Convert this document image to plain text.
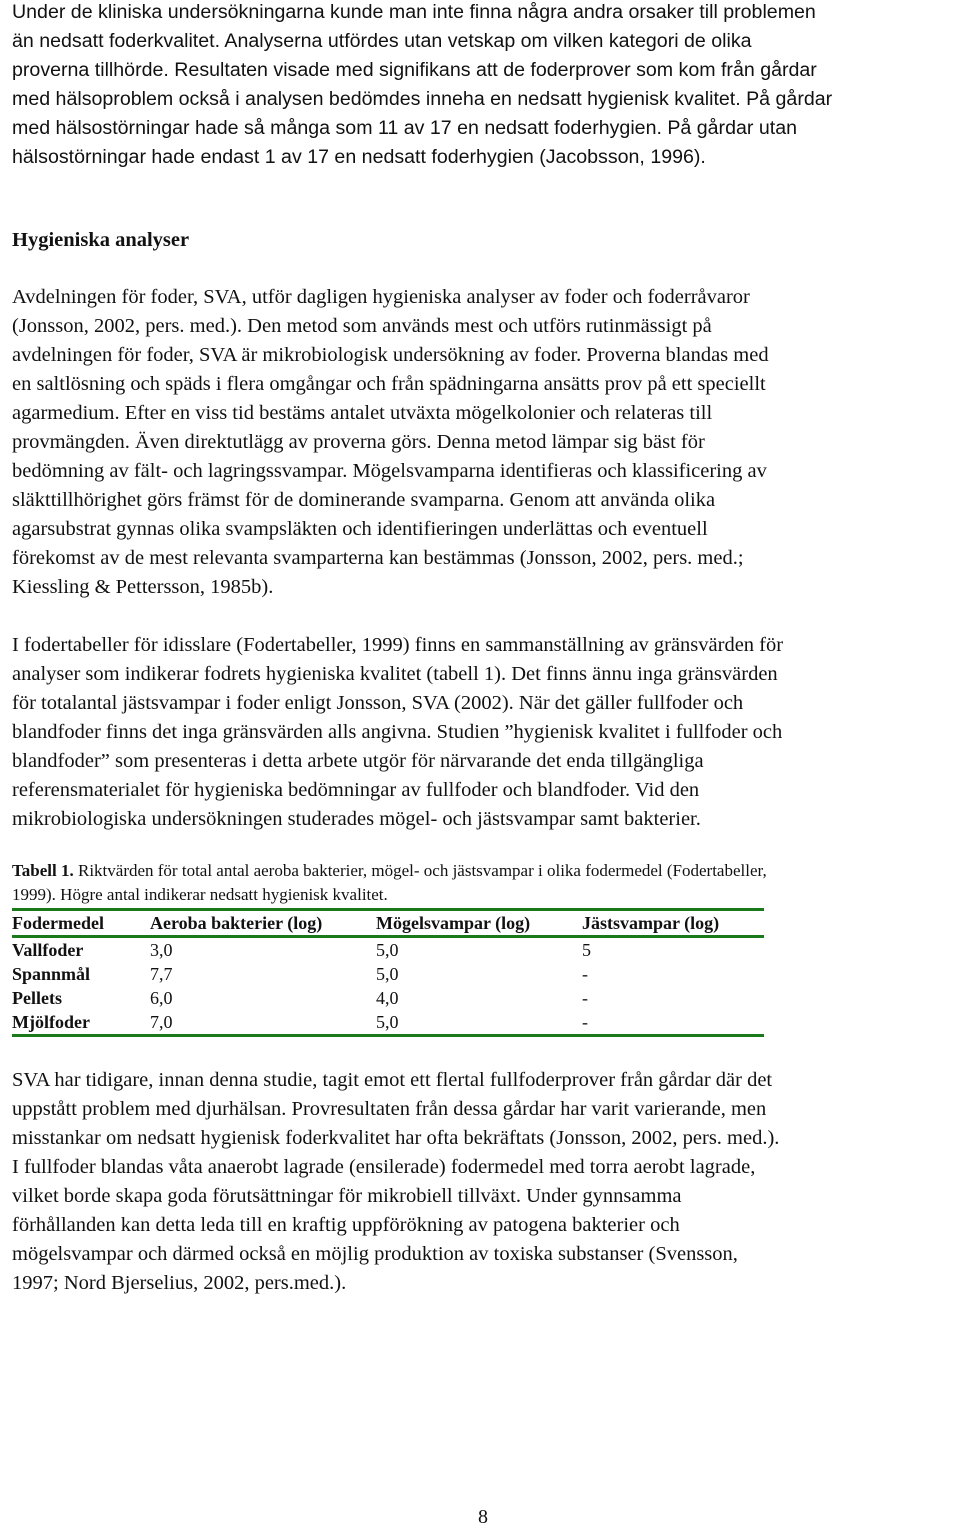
Under de kliniska undersökningarna kunde man inte finna några andra orsaker till problemen
än nedsatt foderkvalitet. Analyserna utfördes utan vetskap om vilken kategori de olika
proverna tillhörde. Resultaten visade med signifikans att de foderprover som kom från gårdar
med hälsoproblem också i analysen bedömdes inneha en nedsatt hygienisk kvalitet. På gårdar
med hälsostörningar hade så många som 11 av 17 en nedsatt foderhygien. På gårdar utan
hälsostörningar hade endast 1 av 17 en nedsatt foderhygien (Jacobsson, 1996).
Hygieniska analyser
Avdelningen för foder, SVA, utför dagligen hygieniska analyser av foder och foderråvaror
(Jonsson, 2002, pers. med.). Den metod som används mest och utförs rutinmässigt på
avdelningen för foder, SVA är mikrobiologisk undersökning av foder. Proverna blandas med
en saltlösning och späds i flera omgångar och från spädningarna ansätts prov på ett speciellt
agarmedium. Efter en viss tid bestäms antalet utväxta mögelkolonier och relateras till
provmängden. Även direktutlägg av proverna görs. Denna metod lämpar sig bäst för
bedömning av fält- och lagringssvampar. Mögelsvamparna identifieras och klassificering av
släkttillhörighet görs främst för de dominerande svamparna. Genom att använda olika
agarsubstrat gynnas olika svampsläkten och identifieringen underlättas och eventuell
förekomst av de mest relevanta svamparterna kan bestämmas (Jonsson, 2002, pers. med.;
Kiessling & Pettersson, 1985b).
I fodertabeller för idisslare (Fodertabeller, 1999) finns en sammanställning av gränsvärden för
analyser som indikerar fodrets hygieniska kvalitet (tabell 1). Det finns ännu inga gränsvärden
för totalantal jästsvampar i foder enligt Jonsson, SVA (2002). När det gäller fullfoder och
blandfoder finns det inga gränsvärden alls angivna. Studien ”hygienisk kvalitet i fullfoder och
blandfoder” som presenteras i detta arbete utgör för närvarande det enda tillgängliga
referensmaterialet för hygieniska bedömningar av fullfoder och blandfoder. Vid den
mikrobiologiska undersökningen studerades mögel- och jästsvampar samt bakterier.

Tabell 1. Riktvärden för total antal aeroba bakterier, mögel- och jästsvampar i olika fodermedel (Fodertabeller,
1999). Högre antal indikerar nedsatt hygienisk kvalitet.

Fodermedel	Aeroba bakterier (log)	Mögelsvampar (log)	Jästsvampar (log)
Vallfoder	3,0	5,0	5
Spannmål	7,7	5,0	-
Pellets	6,0	4,0	-
Mjölfoder	7,0	5,0	-
SVA har tidigare, innan denna studie, tagit emot ett flertal fullfoderprover från gårdar där det
uppstått problem med djurhälsan. Provresultaten från dessa gårdar har varit varierande, men
misstankar om nedsatt hygienisk foderkvalitet har ofta bekräftats (Jonsson, 2002, pers. med.).
I fullfoder blandas våta anaerobt lagrade (ensilerade) fodermedel med torra aerobt lagrade,
vilket borde skapa goda förutsättningar för mikrobiell tillväxt. Under gynnsamma
förhållanden kan detta leda till en kraftig uppförökning av patogena bakterier och
mögelsvampar och därmed också en möjlig produktion av toxiska substanser (Svensson,
1997; Nord Bjerselius, 2002, pers.med.).

8
